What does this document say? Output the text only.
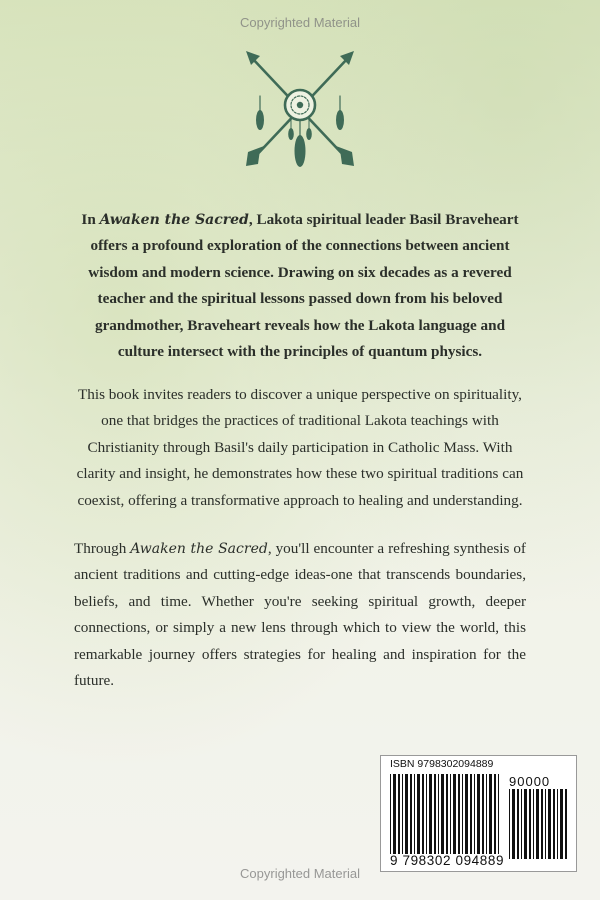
Copyrighted Material

In Awaken the Sacred, Lakota spiritual leader Basil Braveheart offers a profound exploration of the connections between ancient wisdom and modern science. Drawing on six decades as a revered teacher and the spiritual lessons passed down from his beloved grandmother, Braveheart reveals how the Lakota language and culture intersect with the principles of quantum physics.

This book invites readers to discover a unique perspective on spirituality, one that bridges the practices of traditional Lakota teachings with Christianity through Basil's daily participation in Catholic Mass. With clarity and insight, he demonstrates how these two spiritual traditions can coexist, offering a transformative approach to healing and understanding.

Through Awaken the Sacred, you'll encounter a refreshing synthesis of ancient traditions and cutting-edge ideas-one that transcends boundaries, beliefs, and time. Whether you're seeking spiritual growth, deeper connections, or simply a new lens through which to view the world, this remarkable journey offers strategies for healing and inspiration for the future.

ISBN 9798302094889
90000
9 798302 094889
Copyrighted Material
